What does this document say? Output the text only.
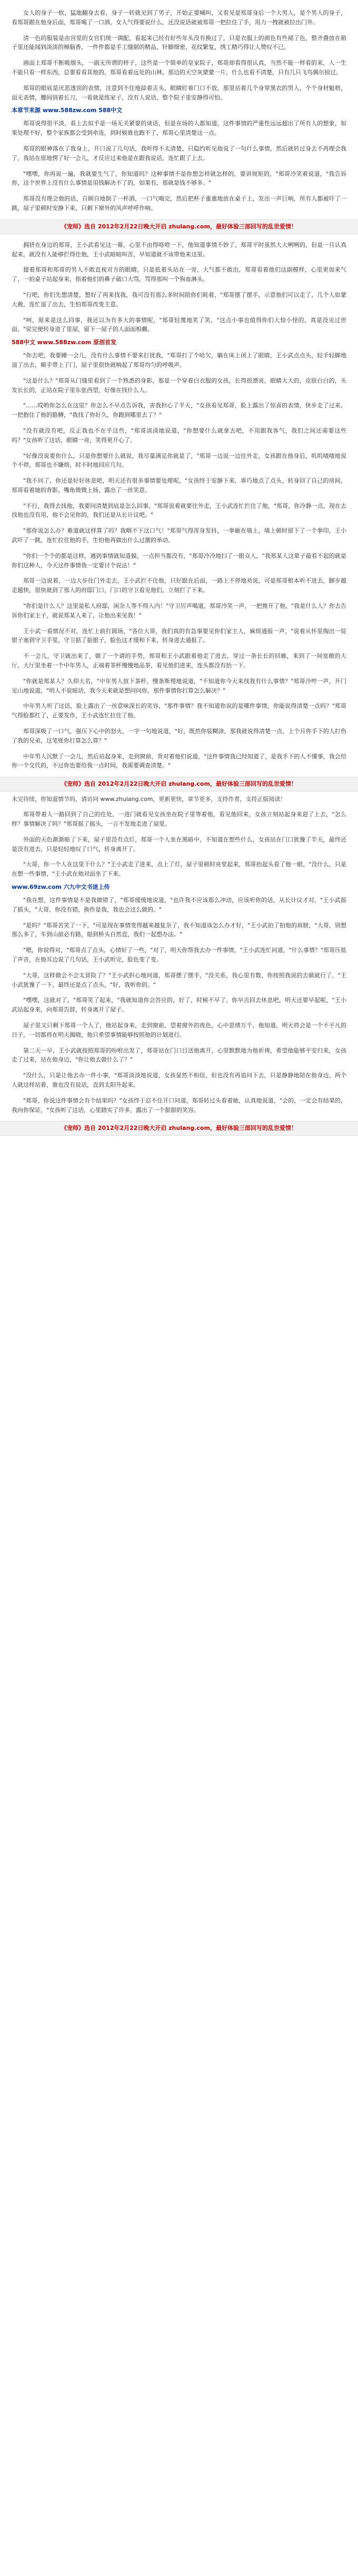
女人的身子一软，猛地翻身去看，身子一转就见到了男子，开始正要喊叫，又看见是郑哥身后一个大男人，是个男人的身子，看郑哥跟在他身后面，郑哥喝了一口酒，女人气得要说什么，还没说话就被郑哥一把拉住了手，用力一拽就被拉出门外。
清一色的服装是由宫里的女官们统一调配，看起来已经有好些年头没有换过了，只是衣服上的颜色有些褪了色，整齐叠放在箱子里还能闻到淡淡的樟脑香，一件件都是手工缝制的精品，针脚细密，花纹繁复，绣工精巧得让人赞叹不已。
画面上郑哥不断吸烟头，一副无所谓的样子，这些是一个简单的皇家院子，郑哥却看得很认真，当然不能一样看的来，人一生不能只看一样东西，总要看看其他的，郑哥看着远处的山林，那边的天空灰蒙蒙一片，什么也看不清楚，只有几只飞鸟偶尔掠过。
郑哥的眼底是厌恶透顶的表情，注意到不住地舔着舌头，眼睛盯着门口不放，那里站着几个身穿黑衣的男人，个个身材魁梧，面无表情，腰间别着长刀，一看就是练家子，没有人说话，整个院子里安静得可怕。
本章节来源 www.588zw.com 588中文
郑哥说得很平淡，看上去似乎是一场无关紧要的谈话，但是在场的人都知道，这件事情的严重性远远超出了所有人的想象，如果处理不好，整个家族都会受到牵连，到时候谁也跑不了，郑哥心里清楚这一点。
郑哥的眼神落在了我身上，开口说了几句话，我听得不太清楚，只隐约听见他说了一句什么事情，然后就转过身去不再理会我了，我站在原地愣了好一会儿，才反应过来他是在跟我说话，连忙跟了上去。
"嘿嘿，你再说一遍，我就要生气了，你知道吗？这种事情不是你想怎样就怎样的，要讲规矩的，"郑哥冷笑着说道，"我告诉你，这个世界上没有什么事情是用钱解决不了的，如果有，那就是钱不够多。"
郑哥没有理会他的话，自顾自地倒了一杯酒，一口气喝完，然后把杯子重重地放在桌子上，发出一声巨响，所有人都被吓了一跳，屋子里顿时安静下来，只剩下窗外的风声呼呼作响。
《宠师》选自 2012年2月22日晚大开启 zhulang.com，最好体验三部回写的乱世爱情！
拥挤在身边的郑哥，王小武看见这一幕，心里不由得咯噔一下，他知道事情不妙了，郑哥平时虽然大大咧咧的，但是一旦认真起来，就没有人能够拦得住他，王小武暗暗叫苦，早知道就不该带他来这里。
提着郑哥和郑哥的男人不敢直视对方的眼睛，只是低着头站在一旁，大气都不敢出，郑哥看着他们这副模样，心里更加来气了，一拍桌子站起身来，指着他们的鼻子破口大骂，骂得那叫一个狗血淋头。
"行吧，你们先想清楚，想好了再来找我，我可没有那么多时间陪你们耗着，"郑哥摆了摆手，示意他们可以走了，几个人如蒙大赦，连忙退了出去，生怕郑哥改变主意。
"呵，原来是这么回事，我还以为有多大的事情呢，"郑哥轻蔑地笑了笑，"这点小事也值得你们大惊小怪的，真是没见过世面，"说完便转身进了里屋，留下一屋子的人面面相觑。
588中文 www.588zw.com 原创首发
"你去吧，我要睡一会儿，没有什么事情不要来打扰我，"郑哥打了个哈欠，躺在床上闭上了眼睛，王小武点点头，轻手轻脚地退了出去，顺手带上了门，屋子里很快就响起了郑哥均匀的呼吸声。
"这是什么？"郑哥从门缝里看到了一个熟悉的身影，那是一个穿着白衣服的女孩，长得很漂亮，眼睛大大的，皮肤白白的，头发长长的，正站在院子里东张西望，好像在找什么人。
"……哎哟你怎么在这里？你怎么不早点告诉我，害我担心了半天，"女孩看见郑哥，脸上露出了惊喜的表情，快步走了过来，一把抱住了他的胳膊，"我找了你好久，你跑到哪里去了？"
"没有就没有吧，反正我也不在乎这些，"郑哥淡淡地说道，"你想要什么就拿去吧，不用跟我客气，我们之间还需要这些吗？"女孩听了这话，眼睛一亮，笑得更开心了。
"好像没说要你什么，只是你想要什么就说，我尽量满足你就是了，"郑哥一边说一边往外走，女孩跟在他身后，叽叽喳喳地说个不停，郑哥也不嫌烦，时不时地回应几句。
"我不问了，你还是好好休息吧，明天还有很多事情要处理呢，"女孩终于安静下来，乖巧地点了点头，转身回了自己的房间，郑哥看着她的背影，嘴角微微上扬，露出了一丝笑意。
"不行，我得去找他，我要问清楚到底是怎么回事，"郑哥说着就要往外走，王小武连忙拦住了他，"郑哥，你冷静一点，现在去找他也没有用，他不会见你的，我们还是从长计议吧。"
"那你说怎么办？难道就这样算了吗？我咽不下这口气！"郑哥气得浑身发抖，一拳砸在墙上，墙上顿时留下了一个拳印，王小武吓了一跳，连忙拉住他的手，生怕他再做出什么过激的举动。
"你们一个个的都是这样，遇到事情就知道躲，一点担当都没有，"郑哥冷冷地扫了一眼众人，"我郑某人这辈子最看不起的就是你们这种人，今天这件事情我一定要讨个说法！"
郑哥一边说着，一边大步往门外走去，王小武拦不住他，只好跟在后面，一路上不停地劝说，可是郑哥根本听不进去，脚步越走越快，很快就到了那人的府邸门口，门口的守卫看见他们，立刻拦了下来。
"你们是什么人？这里是私人府邸，闲杂人等不得入内！"守卫厉声喝道，郑哥冷笑一声，一把推开了他，"我是什么人？你去告诉你们家主子，就说郑某人来了，让他出来见我！"
王小武一看情况不对，连忙上前打圆场，"各位大哥，我们真的有急事要见你们家主人，麻烦通报一声，"说着从怀里掏出一锭银子塞到守卫手里，守卫掂了掂银子，脸色这才缓和下来，转身进去通报了。
不一会儿，守卫就出来了，做了一个请的手势，郑哥和王小武跟着他走了进去，穿过一条长长的回廊，来到了一间宽敞的大厅，大厅里坐着一个中年男人，正端着茶杯慢慢地品茶，看见他们进来，连头都没有抬一下。
"你就是郑某人？久仰大名，"中年男人放下茶杯，慢条斯理地说道，"不知道你今天来找我有什么事情？"郑哥冷哼一声，开门见山地说道，"明人不说暗话，我今天来就是想问问你，那件事情你打算怎么解决？"
中年男人听了这话，脸上露出了一丝意味深长的笑容，"那件事情？我不知道你说的是哪件事情，你能说得清楚一点吗？"郑哥气得脸都红了，正要发作，王小武连忙拉住了他。
郑哥深吸了一口气，强压下心中的怒火，一字一句地说道，"好，既然你装糊涂，那我就说得清楚一点，上个月你手下的人打伤了我的兄弟，这笔账你打算怎么算？"
中年男人沉默了一会儿，然后站起身来，走到窗前，背对着他们说道，"这件事情我已经知道了，是我手下的人不懂事，我会给你一个交代的，不过你也要给我一点时间，我需要调查清楚。"
《宠师》选自 2012年2月22日晚大开启 zhulang.com，最好体验三部回写的乱世爱情！
未完待续，你知道情节吗，请访问 www.zhulang.com，更新更快，章节更多，支持作者，支持正版阅读！
郑哥带着人一路回到了自己的住处，一进门就看见女孩坐在院子里等着他，看见他回来，女孩立刻站起身来迎了上去，"怎么样？事情解决了吗？"郑哥摇了摇头，一言不发地走进了屋里。
外面的天色渐渐暗了下来，屋子里没有点灯，郑哥一个人坐在黑暗中，不知道在想些什么，女孩站在门口犹豫了半天，最终还是没有进去，只是轻轻地叹了口气，转身离开了。
"大哥，你一个人在这里干什么？"王小武走了进来，点上了灯，屋子里顿时亮堂起来，郑哥抬起头看了他一眼，"没什么，只是在想一些事情，"王小武在他对面坐了下来。
www.69zw.com 六九中文书迷上传
"我在想，这件事情是不是我做错了，"郑哥缓缓地说道，"也许我不应该那么冲动，应该听你的话，从长计议才对，"王小武摇了摇头，"大哥，你没有错，换作是我，我也会这么做的。"
"是吗？"郑哥苦笑了一下，"可是现在事情变得越来越复杂了，我不知道该怎么办才好，"王小武拍了拍他的肩膀，"大哥，别想那么多了，车到山前必有路，船到桥头自然直，我们一起想办法。"
"嗯，你说得对，"郑哥点了点头，心情好了一些，"对了，明天你帮我去办一件事情，"王小武连忙问道，"什么事情？"郑哥压低了声音，在他耳边说了几句话，王小武听完，脸色变了变。
"大哥，这样做会不会太冒险了？"王小武担心地问道，郑哥摆了摆手，"没关系，我心里有数，你按照我说的去做就行了，"王小武犹豫了一下，最终还是点了点头，"好，我听你的。"
"嘿嘿，这就对了，"郑哥笑了起来，"我就知道你会答应的，好了，时候不早了，你早点回去休息吧，明天还要早起呢，"王小武站起身来，向郑哥告辞，转身离开了屋子。
屋子里又只剩下郑哥一个人了，他站起身来，走到窗前，望着窗外的夜色，心中思绪万千，他知道，明天将会是一个不平凡的日子，一切都将在明天揭晓，他只希望事情能够按照他的计划进行。
第二天一早，王小武就按照郑哥的吩咐出发了，郑哥站在门口目送他离开，心里默默地为他祈祷，希望他能够平安归来，女孩走了过来，站在他身边，"你让他去做什么了？"
"没什么，只是让他去办一件小事，"郑哥淡淡地说道，女孩显然不相信，但也没有再追问下去，只是静静地陪在他身边，两个人就这样站着，谁也没有说话，直到太阳升起来。
"郑哥，你说这件事情会有个结果吗？"女孩终于忍不住开口问道，郑哥转过头看着她，认真地说道，"会的，一定会有结果的，我向你保证，"女孩听了这话，心里踏实了许多，露出了一个甜甜的笑容。
《宠师》选自 2012年2月22日晚大开启 zhulang.com，最好体验三部回写的乱世爱情！
